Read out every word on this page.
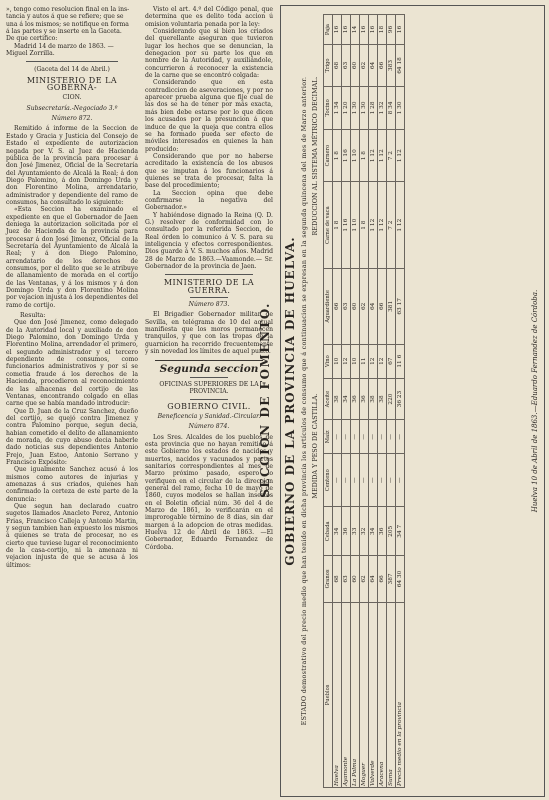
», tengo como resolucion final en la ins-

tancia y autos á que se refiere; que se

una á los mismos; se notifique en forma

á las partes y se inserte en la Gaceta.

De que certifico:

Madrid 14 de marzo de 1863. —

Miguel Zorrilla.

(Gaceta del 14 de Abril.)

MINISTERIO DE LA GOBERNA-

CION.

Subsecretaría.-Negociado 3.º

Número 872.

Remitido á informe de la Seccion de Estado y Gracia y Justicia del Consejo de Estado el expediente de autorizacion negada por V. S. al Juez de Hacienda pública de la provincia para procesar á don José Jimenez, Oficial de la Secretaría del Ayuntamiento de Alcalá la Real; á don Diego Palomino, á don Domingo Urda y don Florentino Molina, arrendatario, administrador y dependiente del ramo de consumos, ha consultado lo siguiente:

«Esta Seccion ha examinado el expediente en que el Gobernador de Jaen deniega la autorizacion solicitada por el Juez de Hacienda de la provincia para procesar á don José Jimenez, Oficial de la Secretaría del Ayuntamiento de Alcalá la Real; y á don Diego Palomino, arrendatario de los derechos de consumos, por el delito que se le atribuye de allanamiento de morada en el cortijo de las Ventanas, y á los mismos y á don Domingo Urda y don Florentino Molina por vejacion injusta á los dependientes del ramo de cortijo.

Resulta:

Que don José Jimenez, como delegado de la Autoridad local y auxiliado de don Diego Palomino, don Domingo Urda y Florentino Molina, arrendador el primero, el segundo administrador y el tercero dependiente de consumos, como funcionarios administrativos y por sí se cometia fraude á los derechos de la Hacienda, procedieron al reconocimiento de las alhacenas del cortijo de las Ventanas, encontrando colgado en ellas carne que se había mandado introducir:

Que D. Juan de la Cruz Sanchez, dueño del cortijo, se quejó contra Jimenez y contra Palomino porque, segun decia, habian cometido el delito de allanamiento de morada, de cuyo abuso decia haberle dado noticias sus dependientes Antonio Frejo, Juan Estoo, Antonio Serrano y Francisco Expósito:

Que igualmente Sanchez acusó á los mismos como autores de injurias y amenazas á sus criados, quienes han confirmado la certeza de este parte de la denuncia:

Que segun han declarado cuatro sugetos llamados Anacleto Perez, Antonio Frias, Francisco Calleja y Antonio Martin, y segun tambien han expuesto los mismos á quienes se trata de procesar, no es cierto que tuviese lugar el reconocimiento de la casa-cortijo, ni la amenaza ni vejacion injusta de que se acusa á los últimos:

Visto el art. 4.º del Código penal, que determina que es delito toda accion ú omision voluntaria penada por la ley:

Considerando que si bien los criados del querellante aseguran que tuvieron lugar los hechos que se denuncian, la denegacion por su parte los que en nombre de la Autoridad, y auxiliándole, concurrieron á reconocer la existencia de la carne que se encontró colgada:

Considerando que en esta contradiccion de aseveraciones, y por no aparecer prueba alguna que fije cual de las dos se ha de tener por más exacta, más bien debe estarse por lo que dicen los acusados por la presuncion á que induce de que la queja que contra ellos se ha formado pueda ser efecto de móviles interesados en quienes la han producido:

Considerando que por no haberse acreditado la existencia de los abusos que se imputan á los funcionarios á quienes se trata de procesar, falta la base del procedimiento;

La Seccion opina que debe confirmarse la negativa del Gobernador.»

Y habiéndose dignado la Reina (Q. D. G.) resolver de conformidad con lo consultado por la referida Seccion, de Real órden lo comunico á V. S. para su inteligencia y efectos correspondientes. Dios guarde á V. S. muchos años. Madrid 28 de Marzo de 1863.—Vaamonde.— Sr. Gobernador de la provincia de Jaen.

MINISTERIO DE LA GUERRA.

Número 873.

El Brigadier Gobernador militar de Sevilla, en telégrama de 10 del actual manifiesta que los moros permanecen tranquilos, y que con las tropas de la guarnicion ha recorrido frecuentemente y sin novedad los límites de aquel punto.

Segunda seccion

OFICINAS SUPERIORES DE LA PROVINCIA.

GOBIERNO CIVIL.

Beneficencia y Sanidad.-Circular.

Número 874.

Los Sres. Alcaldes de los pueblos de esta provincia que no hayan remitido á este Gobierno los estados de nacidos y muertos, nacidos y vacunados y partes sanitarios correspondientes al mes de Marzo próximo pasado, espero lo verifiquen en el circular de la direccion general del ramo, fecha 10 de mayo de 1860, cuyos modelos se hallan insertos en el Boletin oficial núm. 36 del 4 de Marzo de 1861, lo verificarán en el improrogable término de 8 dias, sin dar margen á la adopcion de otras medidas. Huelva 12 de Abril de 1863. —El Gobernador, Eduardo Fernandez de Córdoba.	GOBIERNO DE LA PROVINCIA DE HUELVA. ESTADO demostrativo del precio medio que han tenido en dicha provincia los artículos de consumo que á continuacion se expresan en la segunda quincena del mes de Marzo anterior. MEDIDA Y PESO DE CASTILLA.
REDUCCION AL SISTEMA MÉTRICO DECIMAL.
Pueblos	Granos	Cebada	Centeno	Maíz	Aceite	Vino	Aguardiente	Carne de vaca	Carnero	Tocino	Trigo	Paja
Huelva	68	34	—	—	38	10	66	1 8	1 8	1 34	68	16
Ayamonte	63	36	—	—	34	12	63	1 16	1 16	1 20	63	16
La Palma	60	33	—	—	36	10	60	1 10	1 10	1 30	60	14
Moguer	62	32	—	—	36	11	62	1 8	1 8	1 30	62	16
Valverde	64	34	—	—	38	12	64	1 12	1 12	1 28	64	16
Aracena	66	36	—	—	38	12	66	1 12	1 12	1 32	66	18
Suma	387	205	—	—	220	67	381	7 2	7 2	8 34	383	96
Precio medio en la provincia	64 30	34 7	—	—	36 23	11 6	63 17	1 12	1 12	1 30	64 18	16
Huelva 10 de Abril de 1863.—Eduardo Fernandez de Córdoba.
SECCION DE FOMENTO.
